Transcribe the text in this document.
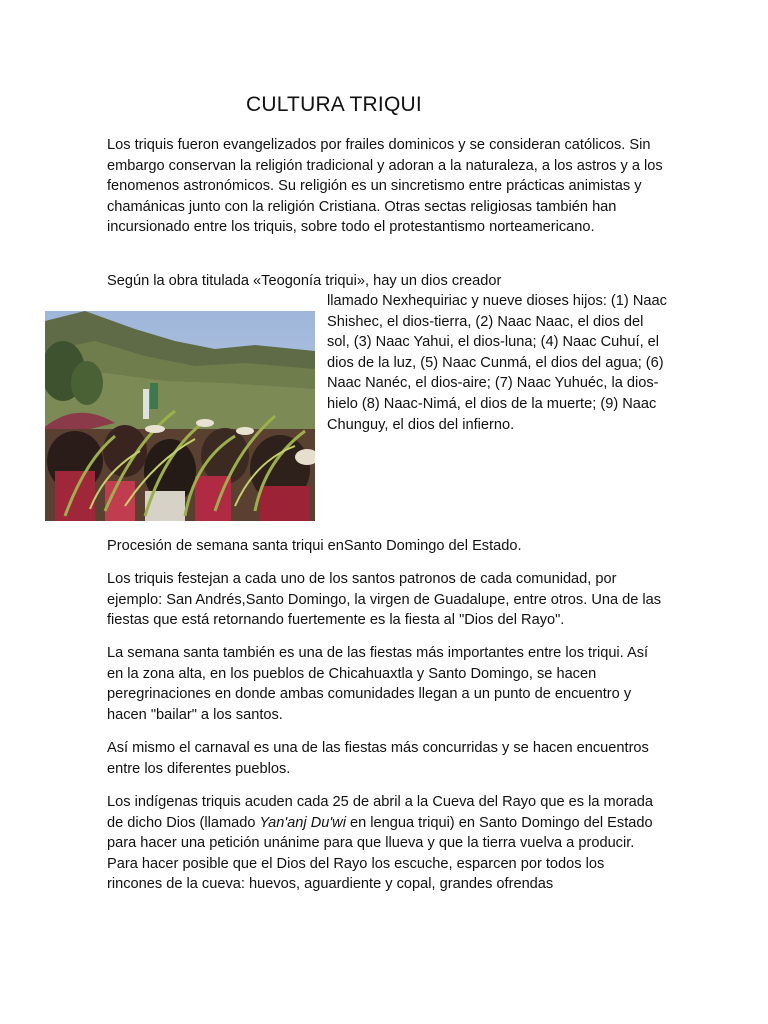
CULTURA TRIQUI

Los triquis fueron evangelizados por frailes dominicos y se consideran católicos. Sin embargo conservan la religión tradicional y adoran a la naturaleza, a los astros y a los fenomenos astronómicos. Su religión es un sincretismo entre prácticas animistas y chamánicas junto con la religión Cristiana. Otras sectas religiosas también han incursionado entre los triquis, sobre todo el protestantismo norteamericano.

Según la obra titulada «Teogonía triqui», hay un dios creador

llamado Nexhequiriac y nueve dioses hijos: (1) Naac Shishec, el dios-tierra, (2) Naac Naac, el dios del sol, (3) Naac Yahui, el dios-luna; (4) Naac Cuhuí, el dios de la luz, (5) Naac Cunmá, el dios del agua; (6) Naac Nanéc, el dios-aire; (7) Naac Yuhuéc, la dios-hielo (8) Naac-Nimá, el dios de la muerte; (9) Naac Chunguy, el dios del infierno.

Procesión de semana santa triqui enSanto Domingo del Estado.

Los triquis festejan a cada uno de los santos patronos de cada comunidad, por ejemplo: San Andrés,Santo Domingo, la virgen de Guadalupe, entre otros. Una de las fiestas que está retornando fuertemente es la fiesta al "Dios del Rayo".

La semana santa también es una de las fiestas más importantes entre los triqui. Así en la zona alta, en los pueblos de Chicahuaxtla y Santo Domingo, se hacen peregrinaciones en donde ambas comunidades llegan a un punto de encuentro y hacen "bailar" a los santos.

Así mismo el carnaval es una de las fiestas más concurridas y se hacen encuentros entre los diferentes pueblos.

Los indígenas triquis acuden cada 25 de abril a la Cueva del Rayo que es la morada de dicho Dios (llamado Yan'anj Du'wi en lengua triqui) en Santo Domingo del Estado para hacer una petición unánime para que llueva y que la tierra vuelva a producir. Para hacer posible que el Dios del Rayo los escuche, esparcen por todos los rincones de la cueva: huevos, aguardiente y copal, grandes ofrendas
